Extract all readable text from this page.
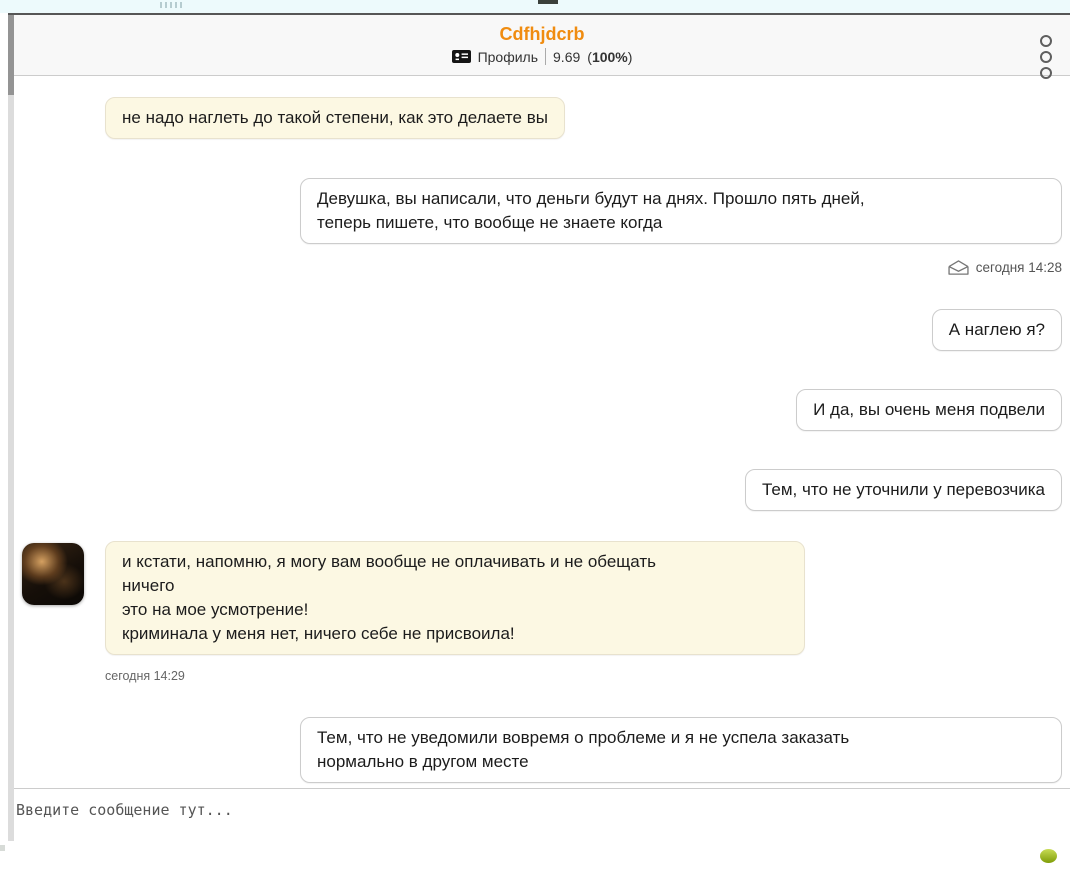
Cdfhjdcrb
Профиль 9.69 ( 100% )
не надо наглеть до такой степени, как это делаете вы
Девушка, вы написали, что деньги будут на днях. Прошло пять дней,
теперь пишете, что вообще не знаете когда
сегодня 14:28
А наглею я?
И да, вы очень меня подвели
Тем, что не уточнили у перевозчика
и кстати, напомню, я могу вам вообще не оплачивать и не обещать
ничего
это на мое усмотрение!
криминала у меня нет, ничего себе не присвоила!
сегодня 14:29
Тем, что не уведомили вовремя о проблеме и я не успела заказать
нормально в другом месте
Введите сообщение тут...
